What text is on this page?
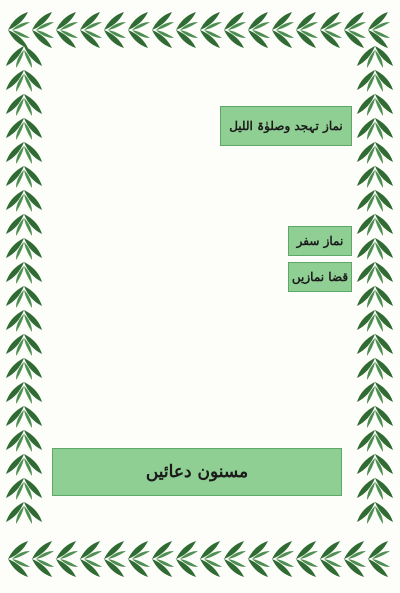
نماز تہجد وصلوٰۃ اللیل
نماز سفر
قضا نمازیں
مسنون دعائیں
